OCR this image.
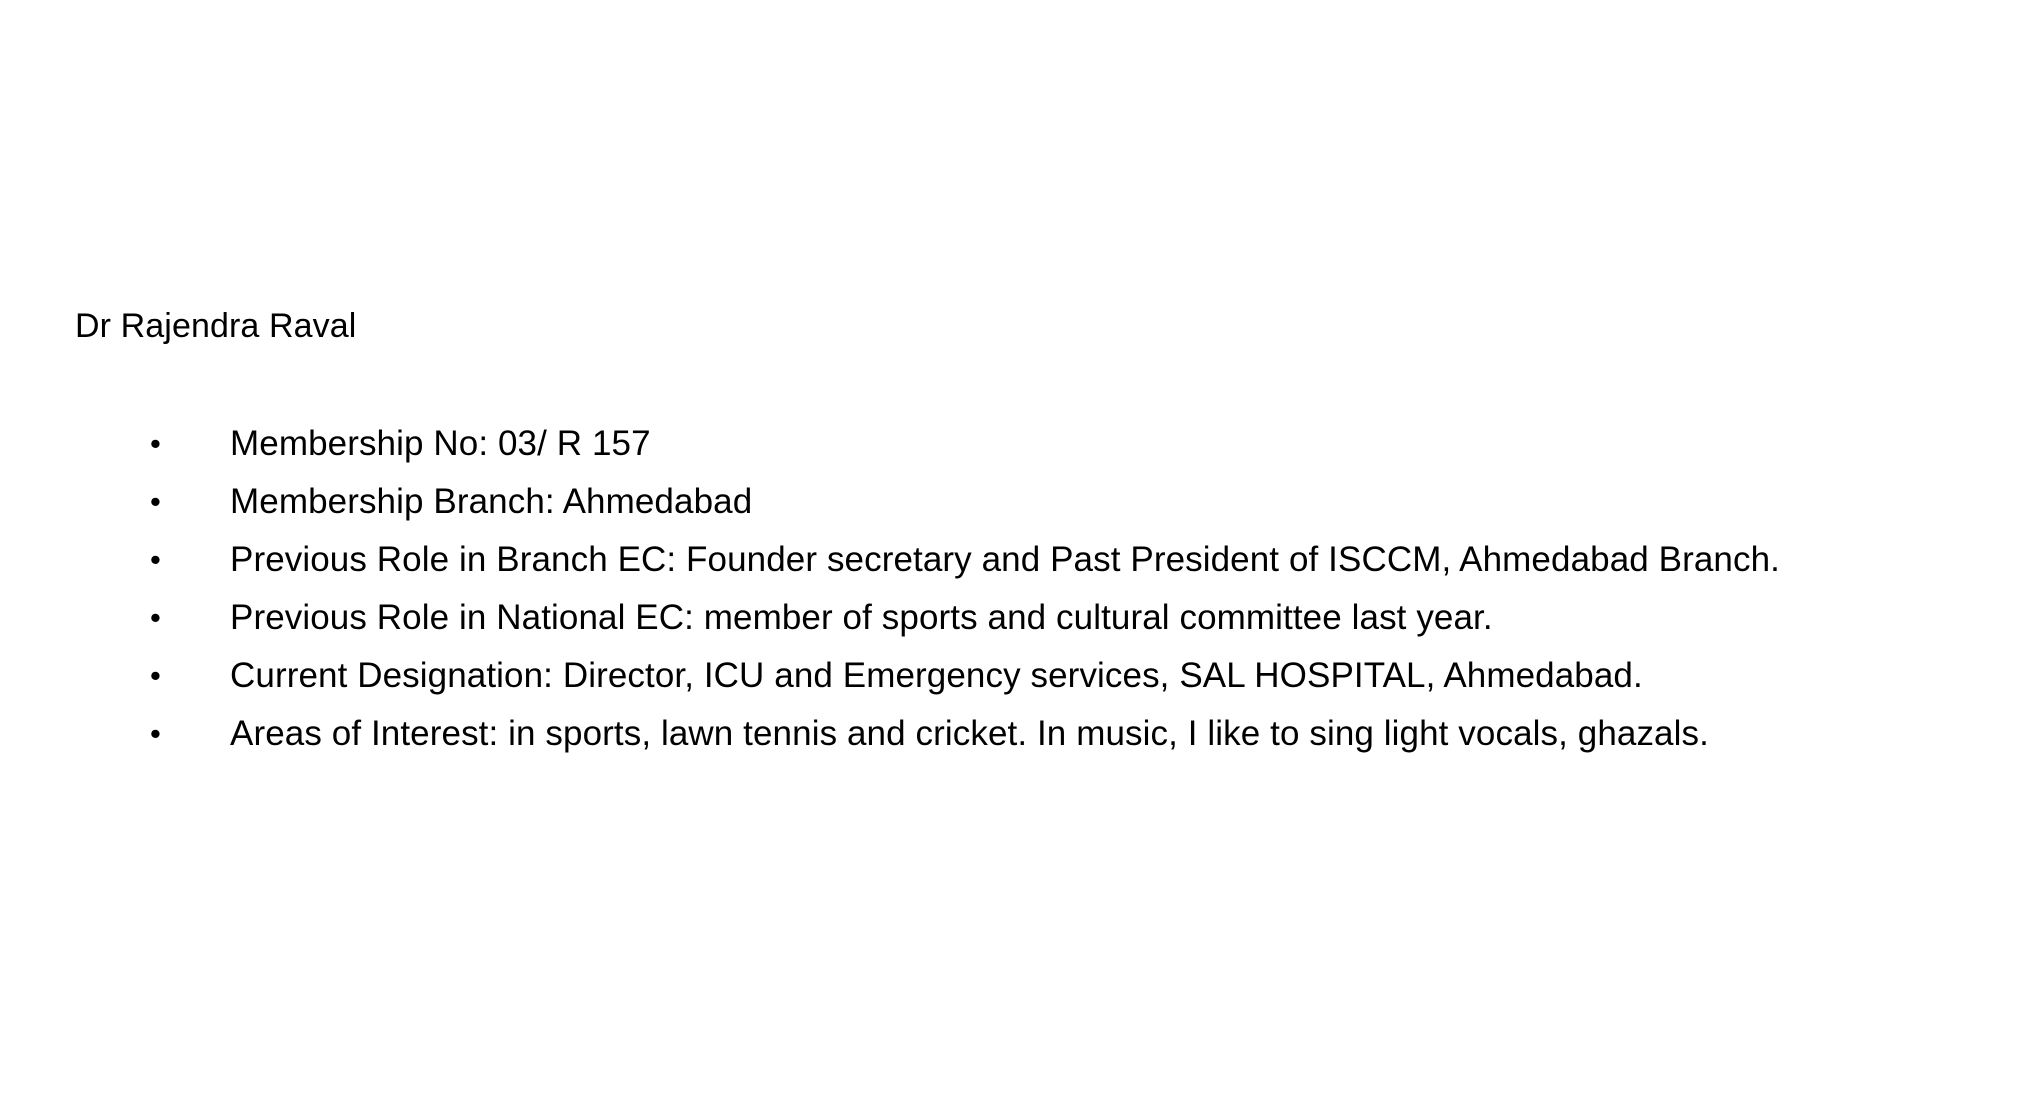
Dr Rajendra Raval
•	Membership No: 03/ R 157
•	Membership Branch: Ahmedabad
•	Previous Role in Branch EC: Founder secretary and Past President of ISCCM, Ahmedabad Branch.
•	Previous Role in National EC: member of sports and cultural committee last year.
•	Current Designation: Director, ICU and Emergency services, SAL HOSPITAL, Ahmedabad.
•	Areas of Interest: in sports, lawn tennis and cricket. In music, I like to sing light vocals, ghazals.
